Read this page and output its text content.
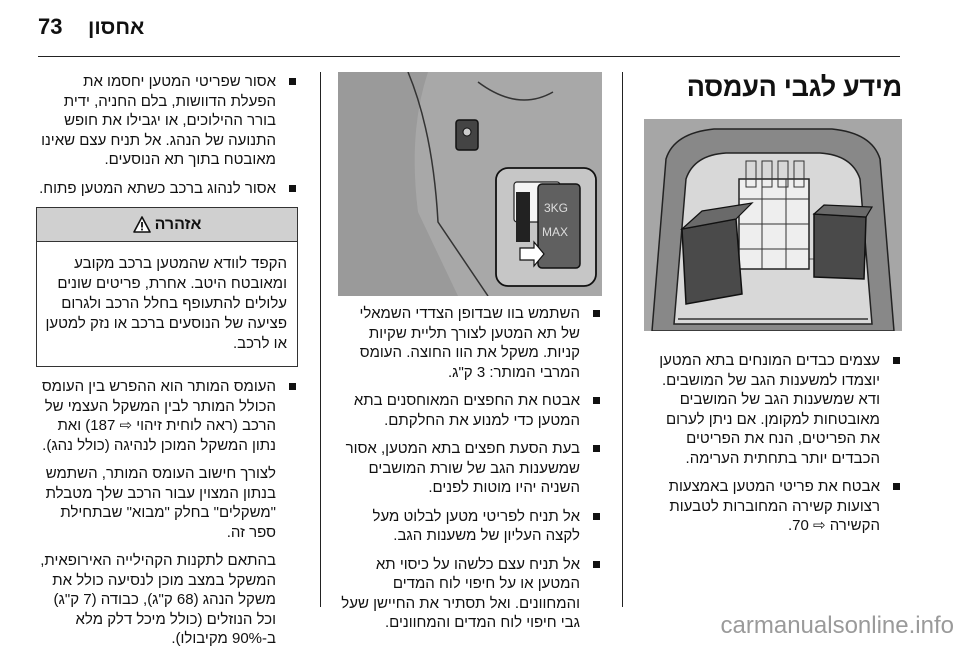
73 אחסון
מידע לגבי העמסה
עצמים כבדים המונחים בתא המטען יוצמדו למשענות הגב של המושבים. ודא שמשענות הגב של המושבים מאובטחות למקומן. אם ניתן לערום את הפריטים, הנח את הפריטים הכבדים יותר בתחתית הערימה.
אבטח את פריטי המטען באמצעות רצועות קשירה המחוברות לטבעות הקשירה ⇨ 70.
3KG
MAX
השתמש בוו שבדופן הצדדי השמאלי של תא המטען לצורך תליית שקיות קניות. משקל את הוו החוצה. העומס המרבי המותר: 3 ק"ג.
אבטח את החפצים המאוחסנים בתא המטען כדי למנוע את החלקתם.
בעת הסעת חפצים בתא המטען, אסור שמשענות הגב של שורת המושבים השניה יהיו מוטות לפנים.
אל תניח לפריטי מטען לבלוט מעל לקצה העליון של משענות הגב.
אל תניח עצם כלשהו על כיסוי תא המטען או על חיפוי לוח המדים והמחוונים. ואל תסתיר את החיישן שעל גבי חיפוי לוח המדים והמחוונים.
אסור שפריטי המטען יחסמו את הפעלת הדוושות, בלם החניה, ידית בורר ההילוכים, או יגבילו את חופש התנועה של הנהג. אל תניח עצם שאינו מאובטח בתוך תא הנוסעים.
אסור לנהוג ברכב כשתא המטען פתוח.
אזהרה
הקפד לוודא שהמטען ברכב מקובע ומאובטח היטב. אחרת, פריטים שונים עלולים להתעופף בחלל הרכב ולגרום פציעה של הנוסעים ברכב או נזק למטען או לרכב.
העומס המותר הוא ההפרש בין העומס הכולל המותר לבין המשקל העצמי של הרכב (ראה לוחית זיהוי ⇨ 187) ואת נתון המשקל המוכן לנהיגה (כולל נהג).

לצורך חישוב העומס המותר, השתמש בנתון המצוין עבור הרכב שלך מטבלת "משקלים" בחלק "מבוא" שבתחילת ספר זה.

בהתאם לתקנות הקהילייה האירופאית, המשקל במצב מוכן לנסיעה כולל את משקל הנהג (68 ק"ג), כבודה (7 ק"ג) וכל הנוזלים (כולל מיכל דלק מלא ב-90% מקיבולו).	carmanualsonline.info
